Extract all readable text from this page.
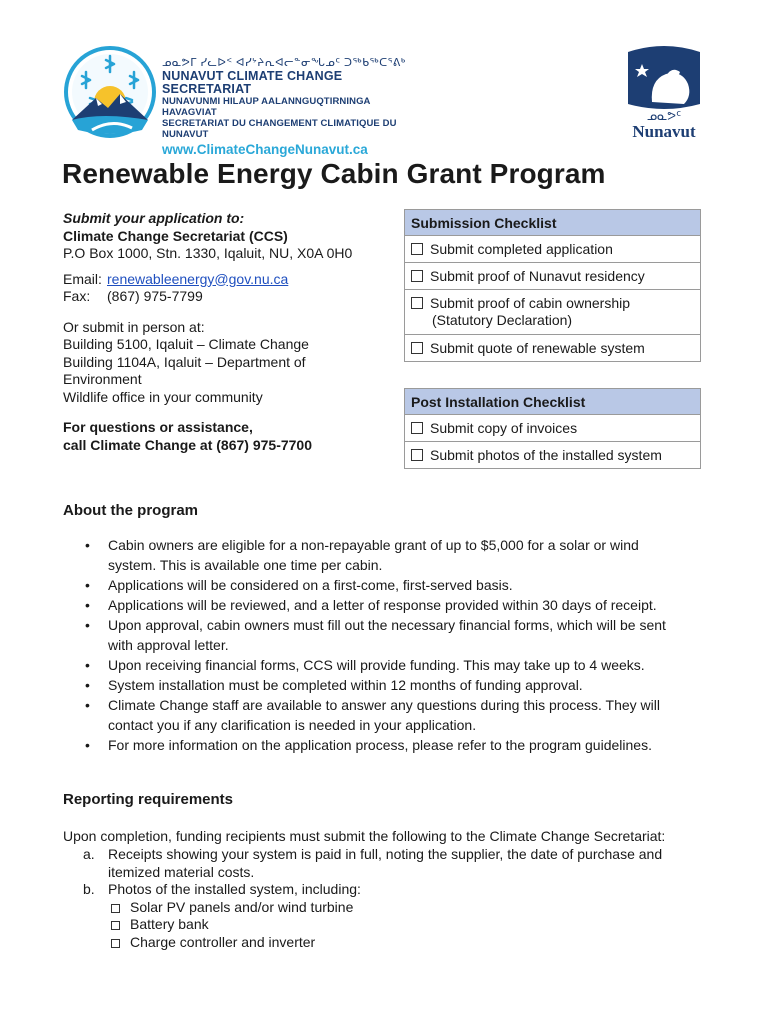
ᓄᓇᕗᒥ ᓯᓚᐅᑉ ᐊᓯᔾᔨᕆᐊᓕᓐᓂᖓᓄᑦ ᑐᖅᑲᖅᑕᕐᕕᒃ
NUNAVUT CLIMATE CHANGE SECRETARIAT
NUNAVUNMI HILAUP AALANNGUQTIRNINGA HAVAGVIAT
SECRETARIAT DU CHANGEMENT CLIMATIQUE DU NUNAVUT
www.ClimateChangeNunavut.ca
ᓄᓇᕗᑦ
Nunavut
Renewable Energy Cabin Grant Program
Submit your application to:
Climate Change Secretariat (CCS)
P.O Box 1000, Stn. 1330, Iqaluit, NU, X0A 0H0
Email: renewableenergy@gov.nu.ca
Fax:	(867) 975-7799
Or submit in person at:
Building 5100, Iqaluit – Climate Change
Building 1104A, Iqaluit – Department of
Environment
Wildlife office in your community
For questions or assistance,
call Climate Change at (867) 975-7700
Submission Checklist
Submit completed application
Submit proof of Nunavut residency
Submit proof of cabin ownership
(Statutory Declaration)

Submit quote of renewable system
Post Installation Checklist
Submit copy of invoices
Submit photos of the installed system
About the program
• Cabin owners are eligible for a non-repayable grant of up to $5,000 for a solar or wind system. This is available one time per cabin.
• Applications will be considered on a first-come, first-served basis.
• Applications will be reviewed, and a letter of response provided within 30 days of receipt.
• Upon approval, cabin owners must fill out the necessary financial forms, which will be sent with approval letter.
• Upon receiving financial forms, CCS will provide funding. This may take up to 4 weeks.
• System installation must be completed within 12 months of funding approval.
• Climate Change staff are available to answer any questions during this process. They will contact you if any clarification is needed in your application.
• For more information on the application process, please refer to the program guidelines.
Reporting requirements
Upon completion, funding recipients must submit the following to the Climate Change Secretariat:
a. Receipts showing your system is paid in full, noting the supplier, the date of purchase and itemized material costs.
b. Photos of the installed system, including:
Solar PV panels and/or wind turbine
Battery bank
Charge controller and inverter
